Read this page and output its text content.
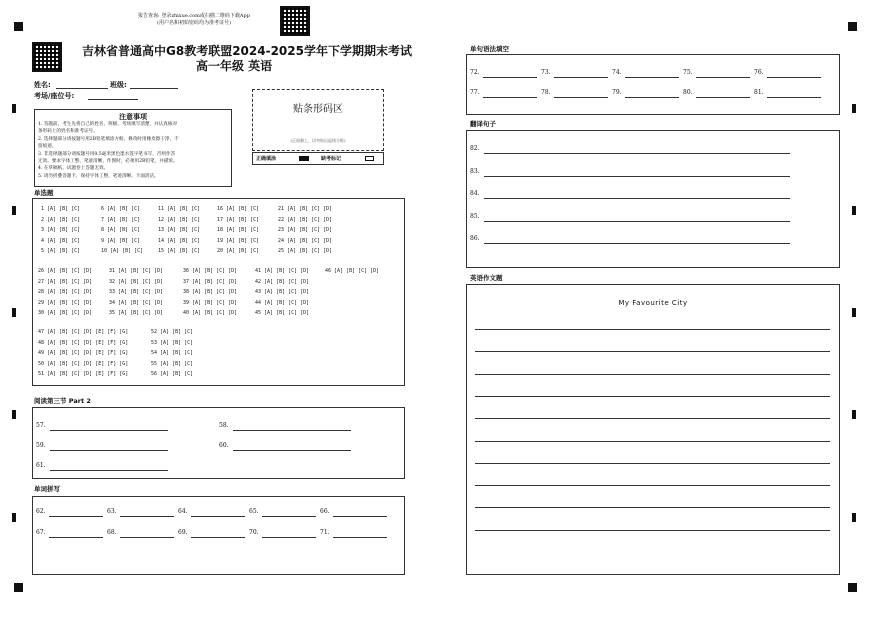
报告查询: 登录zhixue.com或扫描二维码下载App
(用户名和初始密码均为准考证号)
吉林省普通高中G8教考联盟2024-2025学年下学期期末考试
高一年级 英语
姓名:	班级:
考场/座位号:
注意事项
1. 答题前，考生先将自己的姓名、班级、考场填写清楚，并认真核对
条形码上的姓名和准考证号。
2. 选择题部分请按题号用2B铅笔填涂方框，修改时用橡皮擦干净，不
留痕迹。
3. 非选择题部分请按题号用0.5毫米黑色墨水签字笔书写，否则作答
无效。要求字体工整、笔迹清晰。作图时，必须用2B铅笔，并描浓。
4. 在草稿纸、试题卷上答题无效。
5. 请勿折叠答题卡，保持字体工整、笔迹清晰、卡面清洁。
贴条形码区
(正面朝上，切勿贴出虚线方框)
正确填涂	缺考标记
单选题
1 [A] [B] [C]	6 [A] [B] [C]	11 [A] [B] [C]	16 [A] [B] [C]	21 [A] [B] [C] [D]
2 [A] [B] [C]	7 [A] [B] [C]	12 [A] [B] [C]	17 [A] [B] [C]	22 [A] [B] [C] [D]
3 [A] [B] [C]	8 [A] [B] [C]	13 [A] [B] [C]	18 [A] [B] [C]	23 [A] [B] [C] [D]
4 [A] [B] [C]	9 [A] [B] [C]	14 [A] [B] [C]	19 [A] [B] [C]	24 [A] [B] [C] [D]
5 [A] [B] [C]	10 [A] [B] [C]	15 [A] [B] [C]	20 [A] [B] [C]	25 [A] [B] [C] [D]
26 [A] [B] [C] [D]	31 [A] [B] [C] [D]	36 [A] [B] [C] [D]	41 [A] [B] [C] [D]	46 [A] [B] [C] [D]
27 [A] [B] [C] [D]	32 [A] [B] [C] [D]	37 [A] [B] [C] [D]	42 [A] [B] [C] [D]
28 [A] [B] [C] [D]	33 [A] [B] [C] [D]	38 [A] [B] [C] [D]	43 [A] [B] [C] [D]
29 [A] [B] [C] [D]	34 [A] [B] [C] [D]	39 [A] [B] [C] [D]	44 [A] [B] [C] [D]
30 [A] [B] [C] [D]	35 [A] [B] [C] [D]	40 [A] [B] [C] [D]	45 [A] [B] [C] [D]
47 [A] [B] [C] [D] [E] [F] [G]	52 [A] [B] [C]
48 [A] [B] [C] [D] [E] [F] [G]	53 [A] [B] [C]
49 [A] [B] [C] [D] [E] [F] [G]	54 [A] [B] [C]
50 [A] [B] [C] [D] [E] [F] [G]	55 [A] [B] [C]
51 [A] [B] [C] [D] [E] [F] [G]	56 [A] [B] [C]
阅读第三节 Part 2
57.	58.
59.	60.
61.
单词拼写
62.	63.	64.	65.	66.
67.	68.	69.	70.	71.
单句语法填空
72.	73.	74.	75.	76.
77.	78.	79.	80.	81.
翻译句子
82.
83.
84.
85.
86.
英语作文题
My Favourite City
